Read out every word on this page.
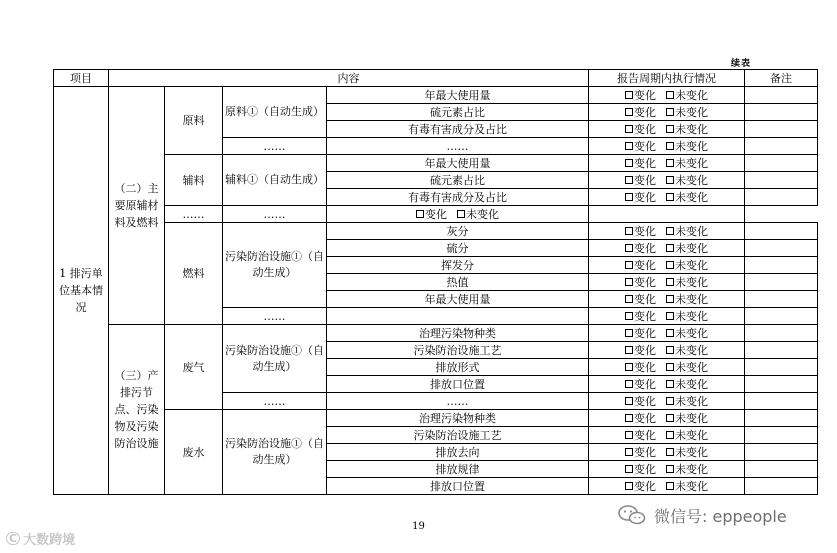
续表
项目	内容				报告周期内执行情况	备注
1 排污单位基本情况	（二）主要原辅材料及燃料	原料	原料①（自动生成）	年最大使用量	变化 未变化	
				硫元素占比	变化 未变化	
				有毒有害成分及占比	变化 未变化	
			……	……	变化 未变化	
		辅料	辅料①（自动生成）	年最大使用量	变化 未变化	
				硫元素占比	变化 未变化	
				有毒有害成分及占比	变化 未变化	
		……	……	变化 未变化		
		燃料	污染防治设施①（自动生成）	灰分	变化 未变化	
				硫分	变化 未变化	
				挥发分	变化 未变化	
				热值	变化 未变化	
				年最大使用量	变化 未变化	
			……		变化 未变化	
	（三）产排污节点、污染物及污染防治设施	废气	污染防治设施①（自动生成）	治理污染物种类	变化 未变化	
				污染防治设施工艺	变化 未变化	
				排放形式	变化 未变化	
				排放口位置	变化 未变化	
			……	……	变化 未变化	
		废水	污染防治设施①（自动生成）	治理污染物种类	变化 未变化	
				污染防治设施工艺	变化 未变化	
				排放去向	变化 未变化	
				排放规律	变化 未变化	
				排放口位置	变化 未变化	
19
C 大数跨境
微信号: eppeople
